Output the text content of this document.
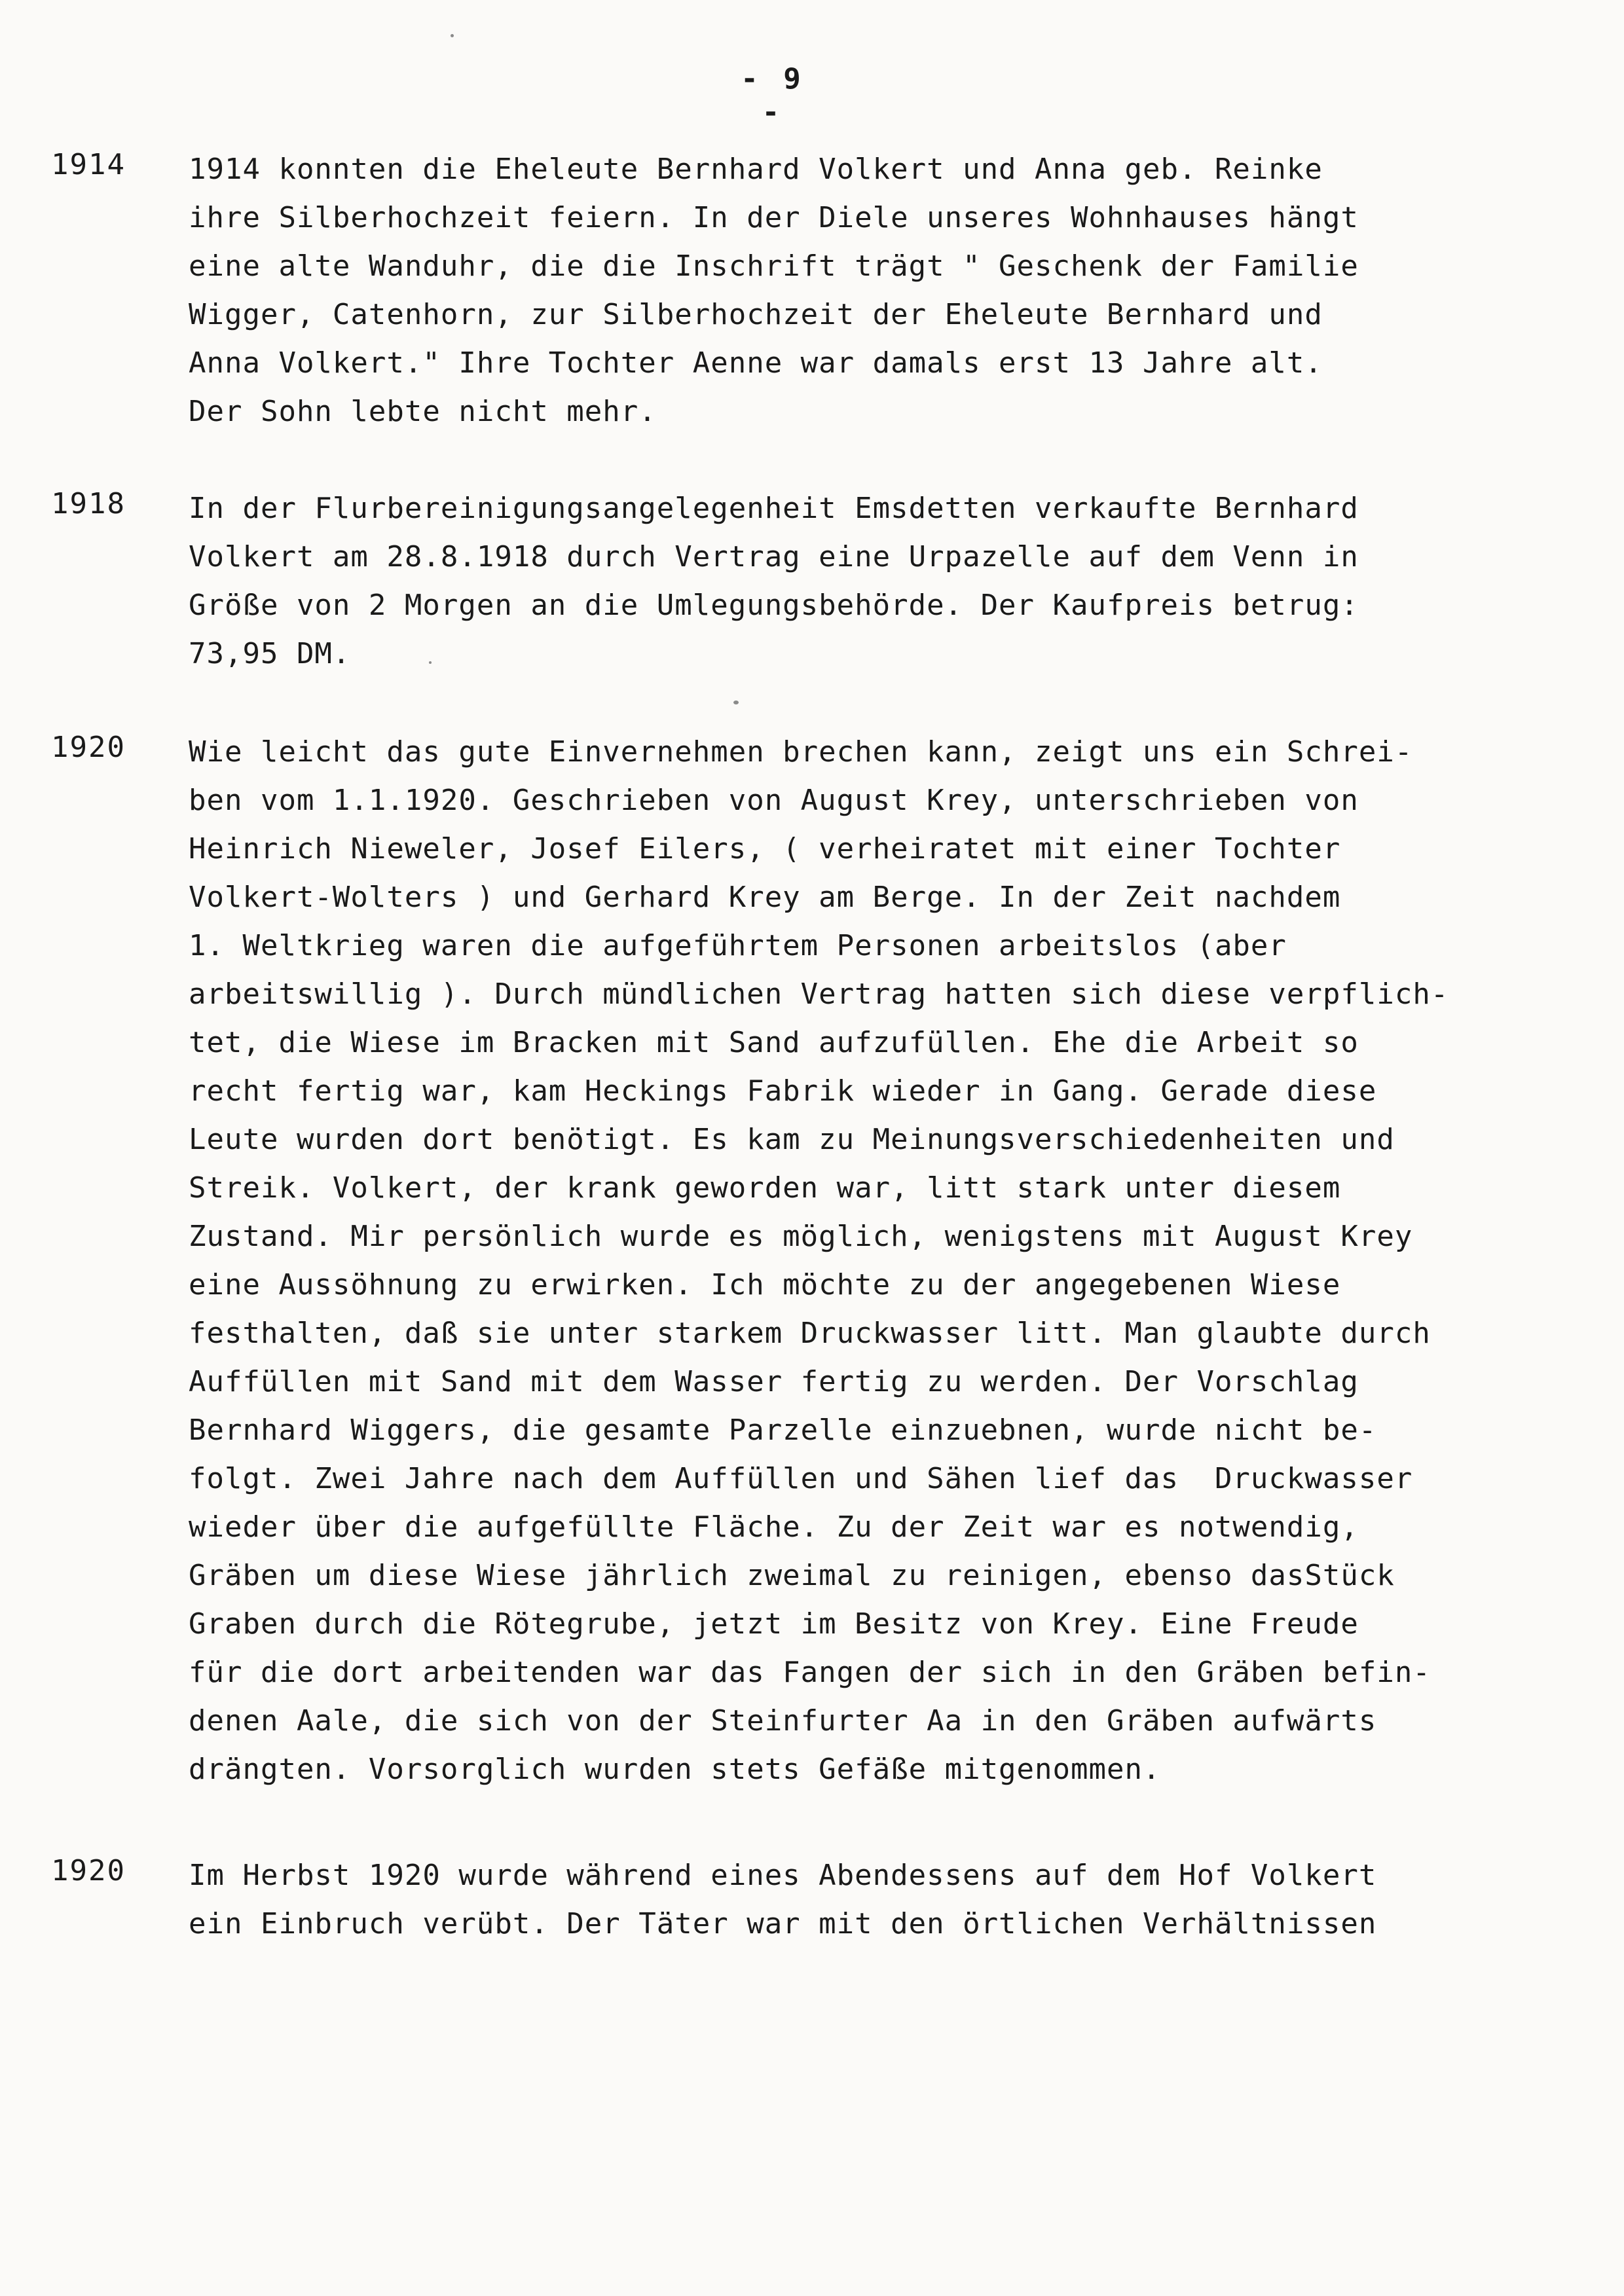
- 9 -
1914 1914 konnten die Eheleute Bernhard Volkert und Anna geb. Reinke
ihre Silberhochzeit feiern. In der Diele unseres Wohnhauses hängt
eine alte Wanduhr, die die Inschrift trägt " Geschenk der Familie
Wigger, Catenhorn, zur Silberhochzeit der Eheleute Bernhard und
Anna Volkert." Ihre Tochter Aenne war damals erst 13 Jahre alt.
Der Sohn lebte nicht mehr.
1918 In der Flurbereinigungsangelegenheit Emsdetten verkaufte Bernhard
Volkert am 28.8.1918 durch Vertrag eine Urpazelle auf dem Venn in
Größe von 2 Morgen an die Umlegungsbehörde. Der Kaufpreis betrug:
73,95 DM.
1920 Wie leicht das gute Einvernehmen brechen kann, zeigt uns ein Schrei-
ben vom 1.1.1920. Geschrieben von August Krey, unterschrieben von
Heinrich Nieweler, Josef Eilers, ( verheiratet mit einer Tochter
Volkert-Wolters ) und Gerhard Krey am Berge. In der Zeit nachdem
1. Weltkrieg waren die aufgeführtem Personen arbeitslos (aber
arbeitswillig ). Durch mündlichen Vertrag hatten sich diese verpflich-
tet, die Wiese im Bracken mit Sand aufzufüllen. Ehe die Arbeit so
recht fertig war, kam Heckings Fabrik wieder in Gang. Gerade diese
Leute wurden dort benötigt. Es kam zu Meinungsverschiedenheiten und
Streik. Volkert, der krank geworden war, litt stark unter diesem
Zustand. Mir persönlich wurde es möglich, wenigstens mit August Krey
eine Aussöhnung zu erwirken. Ich möchte zu der angegebenen Wiese
festhalten, daß sie unter starkem Druckwasser litt. Man glaubte durch
Auffüllen mit Sand mit dem Wasser fertig zu werden. Der Vorschlag
Bernhard Wiggers, die gesamte Parzelle einzuebnen, wurde nicht be-
folgt. Zwei Jahre nach dem Auffüllen und Sähen lief das  Druckwasser
wieder über die aufgefüllte Fläche. Zu der Zeit war es notwendig,
Gräben um diese Wiese jährlich zweimal zu reinigen, ebenso dasStück
Graben durch die Rötegrube, jetzt im Besitz von Krey. Eine Freude
für die dort arbeitenden war das Fangen der sich in den Gräben befin-
denen Aale, die sich von der Steinfurter Aa in den Gräben aufwärts
drängten. Vorsorglich wurden stets Gefäße mitgenommen.
1920 Im Herbst 1920 wurde während eines Abendessens auf dem Hof Volkert
ein Einbruch verübt. Der Täter war mit den örtlichen Verhältnissen
